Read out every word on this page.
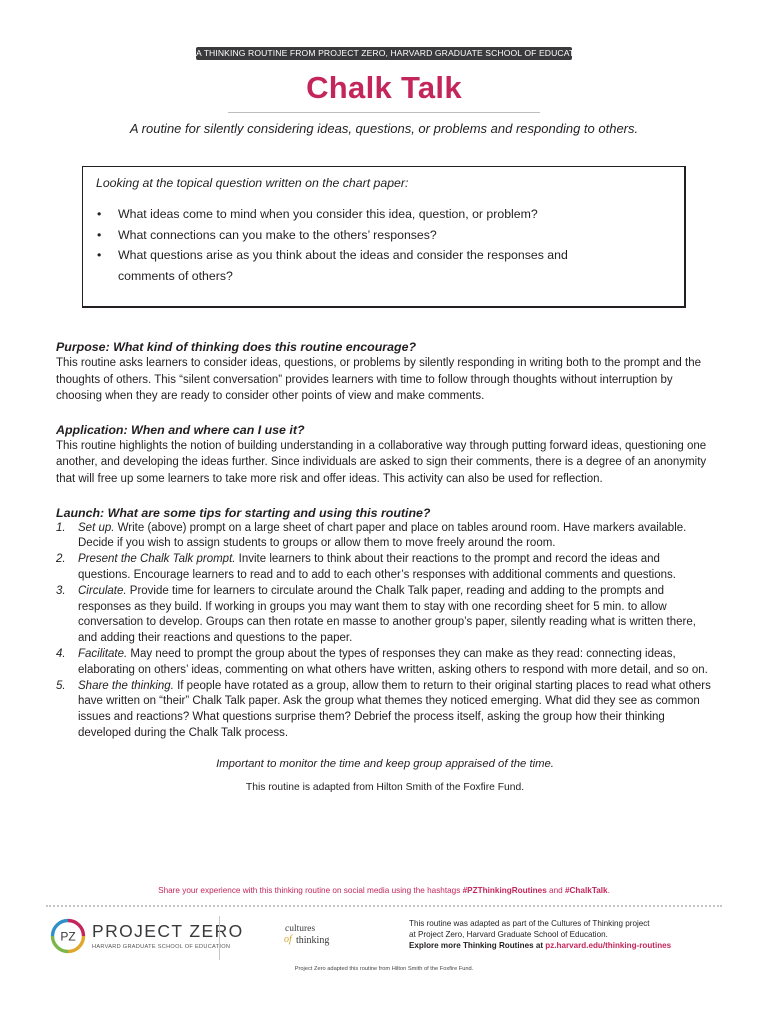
A THINKING ROUTINE FROM PROJECT ZERO, HARVARD GRADUATE SCHOOL OF EDUCATION
Chalk Talk
A routine for silently considering ideas, questions, or problems and responding to others.
Looking at the topical question written on the chart paper:
• What ideas come to mind when you consider this idea, question, or problem?
• What connections can you make to the others’ responses?
• What questions arise as you think about the ideas and consider the responses and comments of others?
Purpose: What kind of thinking does this routine encourage?

This routine asks learners to consider ideas, questions, or problems by silently responding in writing both to the prompt and the thoughts of others. This “silent conversation” provides learners with time to follow through thoughts without interruption by choosing when they are ready to consider other points of view and make comments.

Application: When and where can I use it?

This routine highlights the notion of building understanding in a collaborative way through putting forward ideas, questioning one another, and developing the ideas further. Since individuals are asked to sign their comments, there is a degree of an anonymity that will free up some learners to take more risk and offer ideas. This activity can also be used for reflection.

Launch: What are some tips for starting and using this routine?
1. Set up. Write (above) prompt on a large sheet of chart paper and place on tables around room. Have markers available. Decide if you wish to assign students to groups or allow them to move freely around the room.
2. Present the Chalk Talk prompt. Invite learners to think about their reactions to the prompt and record the ideas and questions. Encourage learners to read and to add to each other’s responses with additional comments and questions.
3. Circulate. Provide time for learners to circulate around the Chalk Talk paper, reading and adding to the prompts and responses as they build. If working in groups you may want them to stay with one recording sheet for 5 min. to allow conversation to develop. Groups can then rotate en masse to another group’s paper, silently reading what is written there, and adding their reactions and questions to the paper.
4. Facilitate. May need to prompt the group about the types of responses they can make as they read: connecting ideas, elaborating on others’ ideas, commenting on what others have written, asking others to respond with more detail, and so on.
5. Share the thinking. If people have rotated as a group, allow them to return to their original starting places to read what others have written on “their” Chalk Talk paper. Ask the group what themes they noticed emerging. What did they see as common issues and reactions? What questions surprise them? Debrief the process itself, asking the group how their thinking developed during the Chalk Talk process.
Important to monitor the time and keep group appraised of the time.
This routine is adapted from Hilton Smith of the Foxfire Fund.
Share your experience with this thinking routine on social media using the hashtags #PZThinkingRoutines and #ChalkTalk.
PZ PROJECT ZERO
HARVARD GRADUATE SCHOOL OF EDUCATION
cultures
of thinking
This routine was adapted as part of the Cultures of Thinking project
at Project Zero, Harvard Graduate School of Education.
Explore more Thinking Routines at pz.harvard.edu/thinking-routines
Project Zero adapted this routine from Hilton Smith of the Foxfire Fund.
